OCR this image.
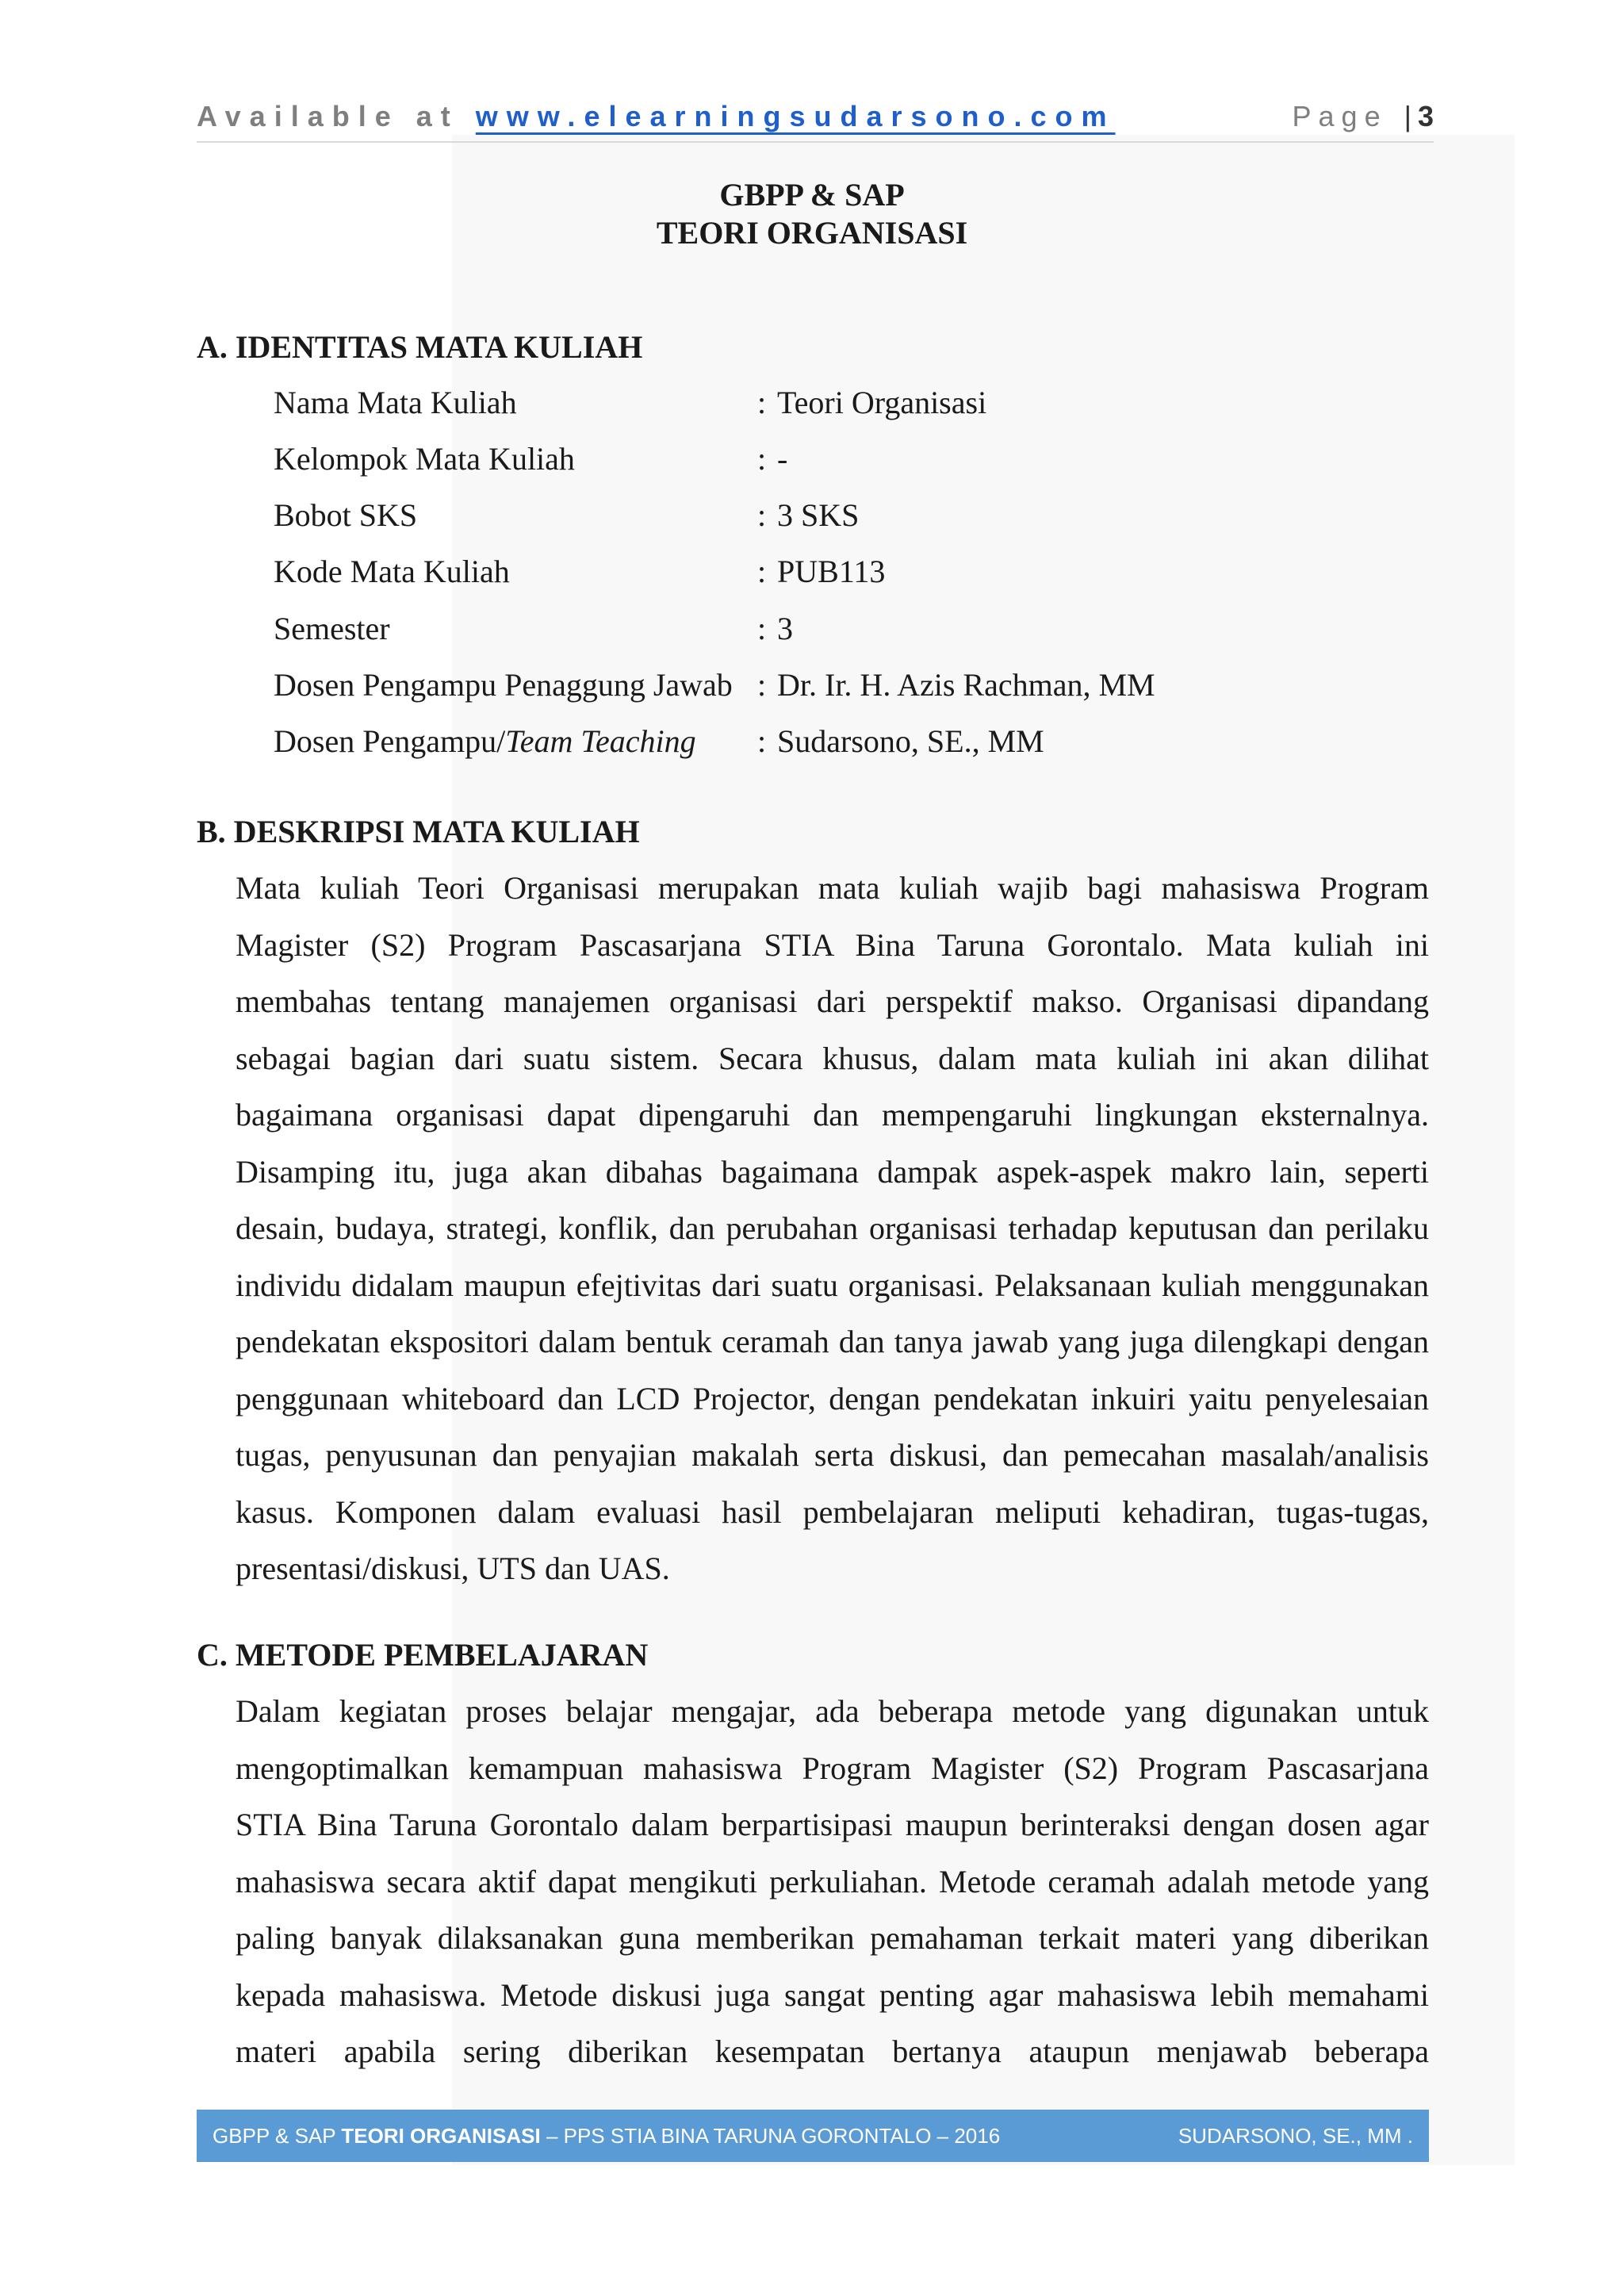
Available at www.elearningsudarsono.com	Page | 3
GBPP & SAP
TEORI ORGANISASI
A. IDENTITAS MATA KULIAH
Nama Mata Kuliah	: Teori Organisasi
Kelompok Mata Kuliah	: -
Bobot SKS	: 3 SKS
Kode Mata Kuliah	: PUB113
Semester	: 3
Dosen Pengampu Penaggung Jawab : Dr. Ir. H. Azis Rachman, MM
Dosen Pengampu/Team Teaching : Sudarsono, SE., MM
B. DESKRIPSI MATA KULIAH
Mata kuliah Teori Organisasi merupakan mata kuliah wajib bagi mahasiswa Program
Magister (S2) Program Pascasarjana STIA Bina Taruna Gorontalo. Mata kuliah ini
membahas tentang manajemen organisasi dari perspektif makso. Organisasi dipandang
sebagai bagian dari suatu sistem. Secara khusus, dalam mata kuliah ini akan dilihat
bagaimana organisasi dapat dipengaruhi dan mempengaruhi lingkungan eksternalnya.
Disamping itu, juga akan dibahas bagaimana dampak aspek-aspek makro lain, seperti
desain, budaya, strategi, konflik, dan perubahan organisasi terhadap keputusan dan perilaku
individu didalam maupun efejtivitas dari suatu organisasi. Pelaksanaan kuliah menggunakan
pendekatan ekspositori dalam bentuk ceramah dan tanya jawab yang juga dilengkapi dengan
penggunaan whiteboard dan LCD Projector, dengan pendekatan inkuiri yaitu penyelesaian
tugas, penyusunan dan penyajian makalah serta diskusi, dan pemecahan masalah/analisis
kasus. Komponen dalam evaluasi hasil pembelajaran meliputi kehadiran, tugas-tugas,
presentasi/diskusi, UTS dan UAS.
C. METODE PEMBELAJARAN
Dalam kegiatan proses belajar mengajar, ada beberapa metode yang digunakan untuk
mengoptimalkan kemampuan mahasiswa Program Magister (S2) Program Pascasarjana
STIA Bina Taruna Gorontalo dalam berpartisipasi maupun berinteraksi dengan dosen agar
mahasiswa secara aktif dapat mengikuti perkuliahan. Metode ceramah adalah metode yang
paling banyak dilaksanakan guna memberikan pemahaman terkait materi yang diberikan
kepada mahasiswa. Metode diskusi juga sangat penting agar mahasiswa lebih memahami
materi apabila sering diberikan kesempatan bertanya ataupun menjawab beberapa
GBPP & SAP TEORI ORGANISASI – PPS STIA BINA TARUNA GORONTALO – 2016	SUDARSONO, SE., MM .
